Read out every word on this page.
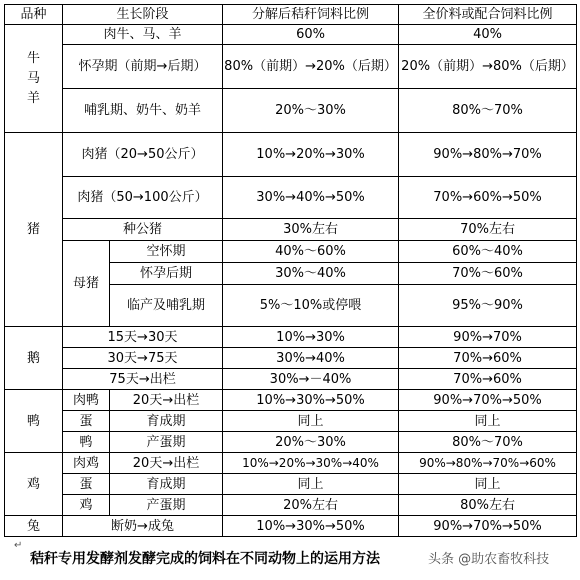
品种	生长阶段		分解后秸秆饲料比例	全价料或配合饲料比例
牛马羊	肉牛、马、羊		60%	40%
	怀孕期（前期→后期）		80%（前期）→20%（后期）	20%（前期）→80%（后期）
	哺乳期、奶牛、奶羊		20%～30%	80%～70%
猪	肉猪（20→50公斤）		10%→20%→30%	90%→80%→70%
	肉猪（50→100公斤）		30%→40%→50%	70%→60%→50%
	种公猪		30%左右	70%左右
	母猪	空怀期	40%～60%	60%～40%
		怀孕后期	30%～40%	70%～60%
		临产及哺乳期	5%～10%或停喂	95%～90%
鹅	15天→30天		10%→30%	90%→70%
	30天→75天		30%→40%	70%→60%
	75天→出栏		30%→－40%	70%→60%
鸭	肉鸭	20天→出栏	10%→30%→50%	90%→70%→50%
	蛋	育成期	同上	同上
	鸭	产蛋期	20%～30%	80%～70%
鸡	肉鸡	20天→出栏	10%→20%→30%→40%	90%→80%→70%→60%
	蛋	育成期	同上	同上
	鸡	产蛋期	20%左右	80%左右
兔	断奶→成兔		10%→30%→50%	90%→70%→50%
↵
秸秆专用发酵剂发酵完成的饲料在不同动物上的运用方法	头条 @助农畜牧科技
